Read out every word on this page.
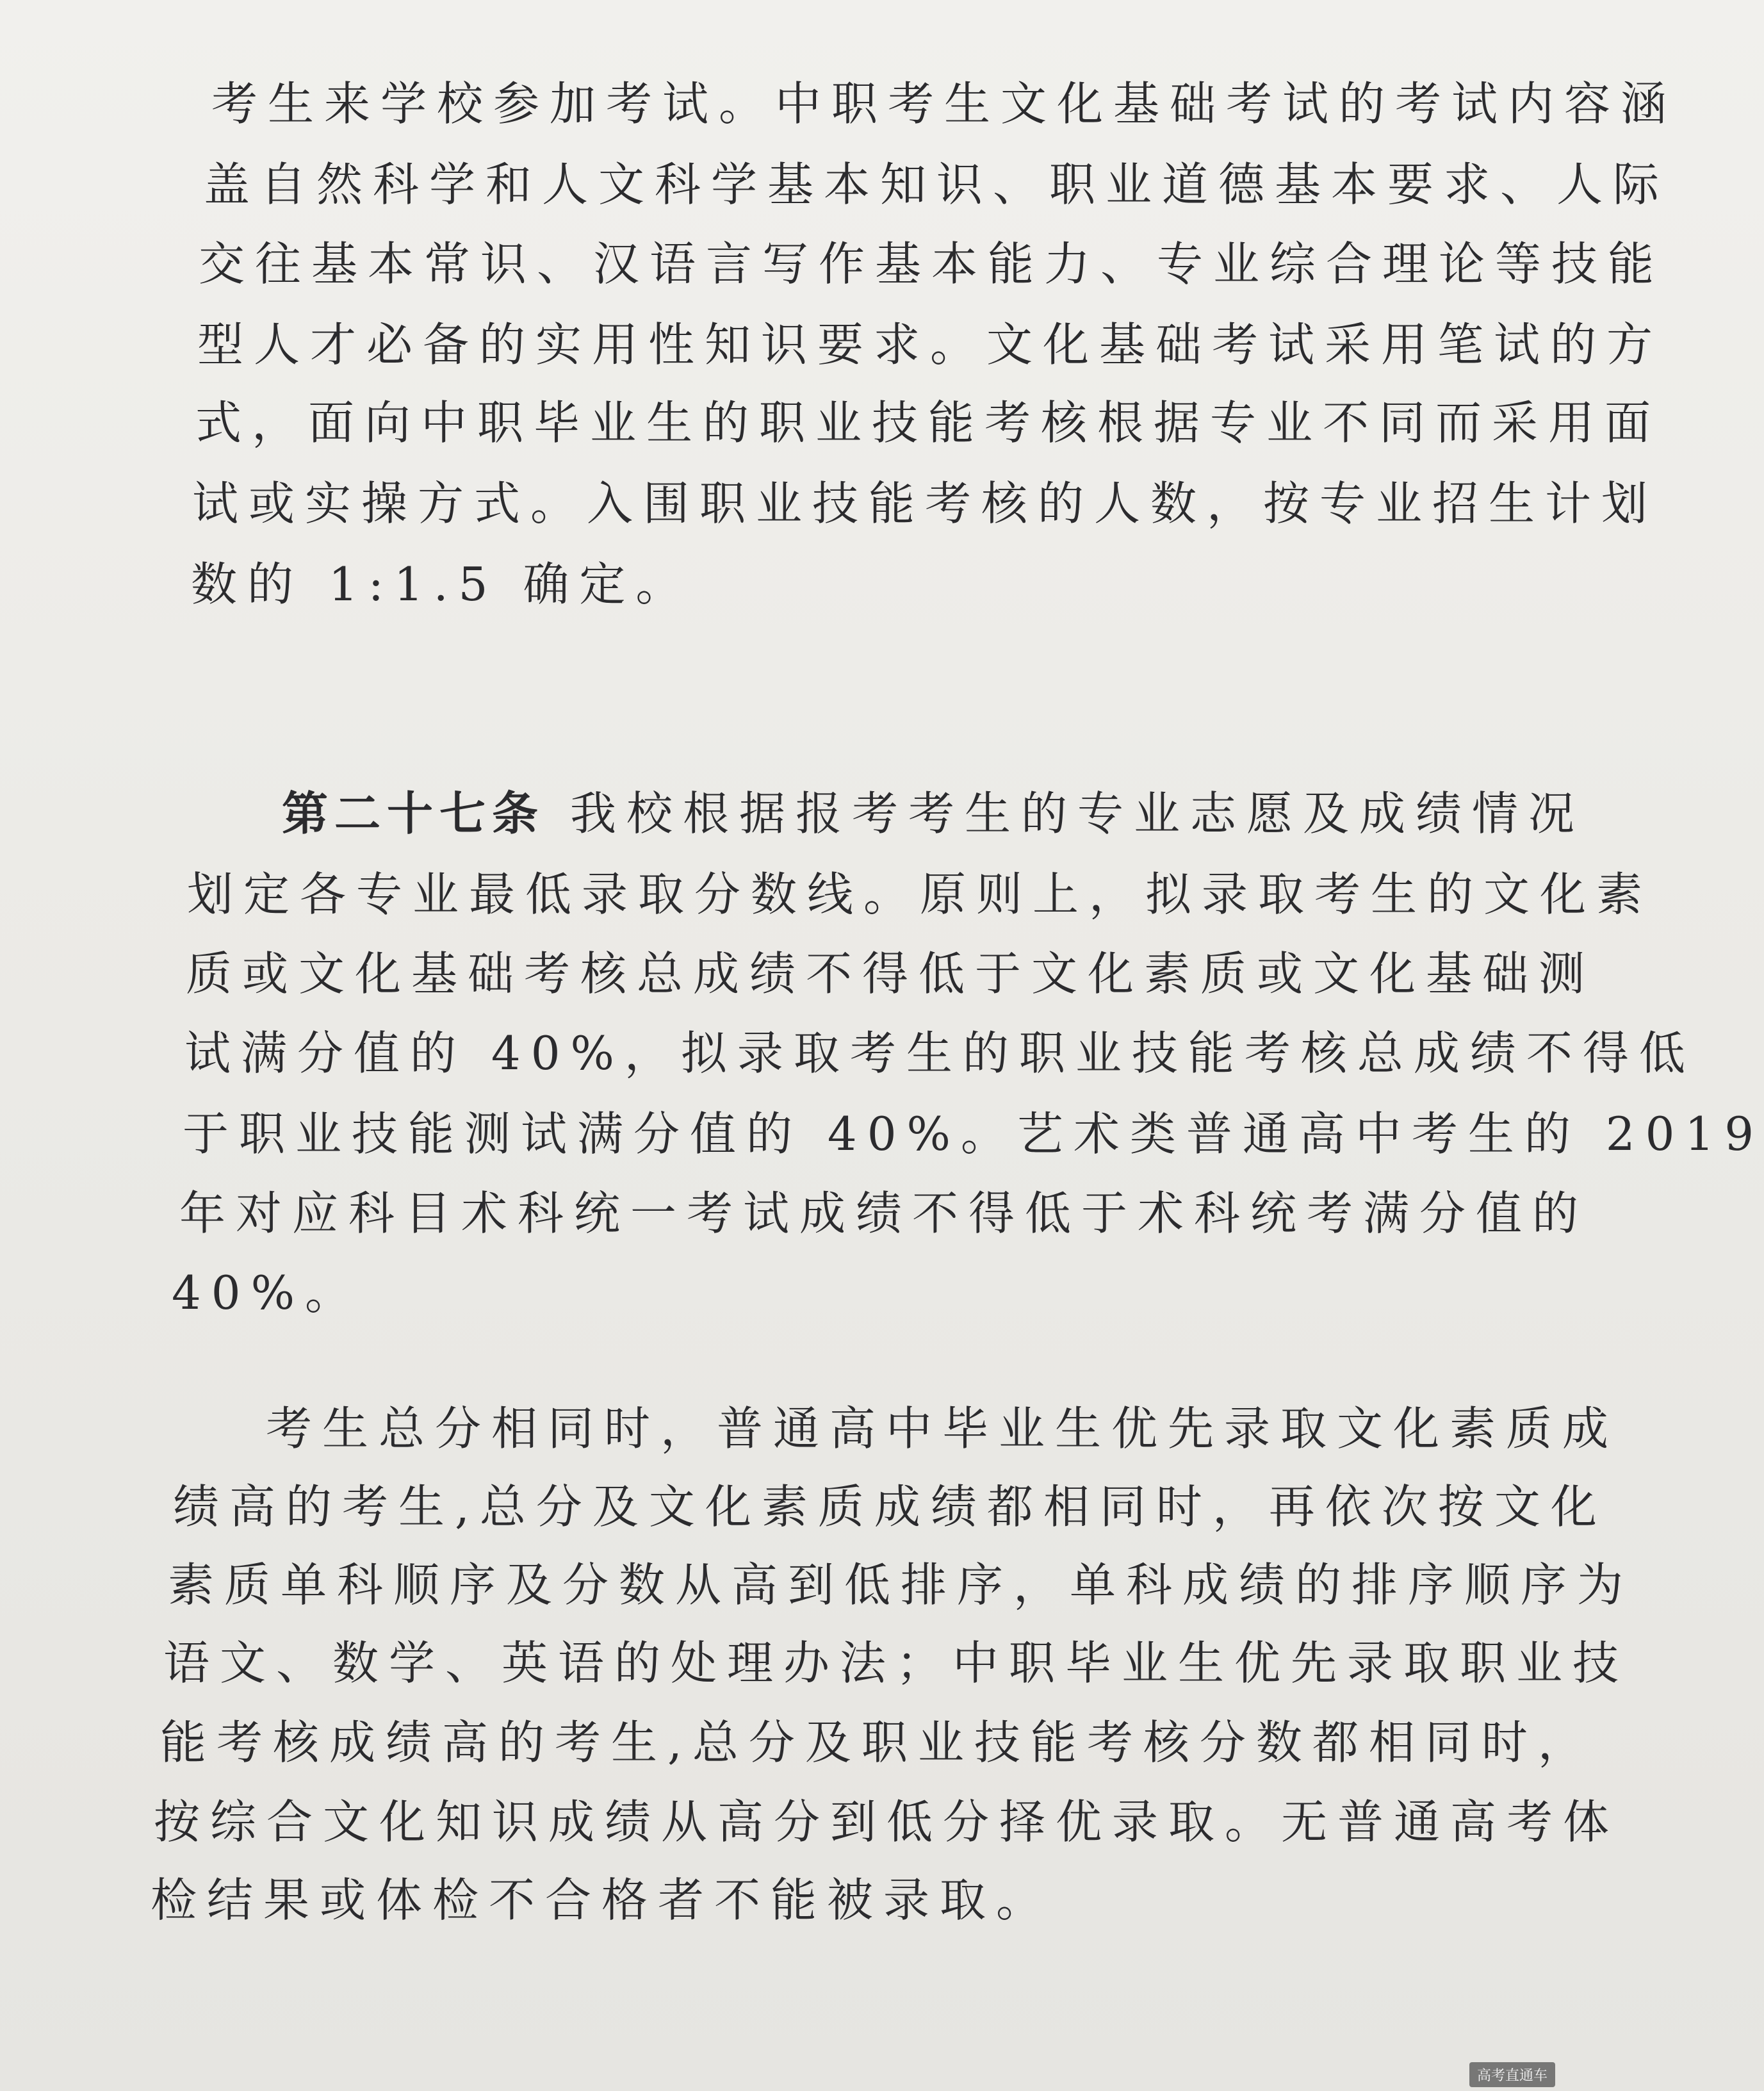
考生来学校参加考试。中职考生文化基础考试的考试内容涵
盖自然科学和人文科学基本知识、职业道德基本要求、人际
交往基本常识、汉语言写作基本能力、专业综合理论等技能
型人才必备的实用性知识要求。文化基础考试采用笔试的方
式，面向中职毕业生的职业技能考核根据专业不同而采用面
试或实操方式。入围职业技能考核的人数，按专业招生计划
数的 1:1.5 确定。
第二十七条 我校根据报考考生的专业志愿及成绩情况
划定各专业最低录取分数线。原则上，拟录取考生的文化素
质或文化基础考核总成绩不得低于文化素质或文化基础测
试满分值的 40%，拟录取考生的职业技能考核总成绩不得低
于职业技能测试满分值的 40%。艺术类普通高中考生的 2019
年对应科目术科统一考试成绩不得低于术科统考满分值的
40%。
考生总分相同时，普通高中毕业生优先录取文化素质成
绩高的考生,总分及文化素质成绩都相同时，再依次按文化
素质单科顺序及分数从高到低排序，单科成绩的排序顺序为
语文、数学、英语的处理办法；中职毕业生优先录取职业技
能考核成绩高的考生,总分及职业技能考核分数都相同时，
按综合文化知识成绩从高分到低分择优录取。无普通高考体
检结果或体检不合格者不能被录取。
高考直通车
